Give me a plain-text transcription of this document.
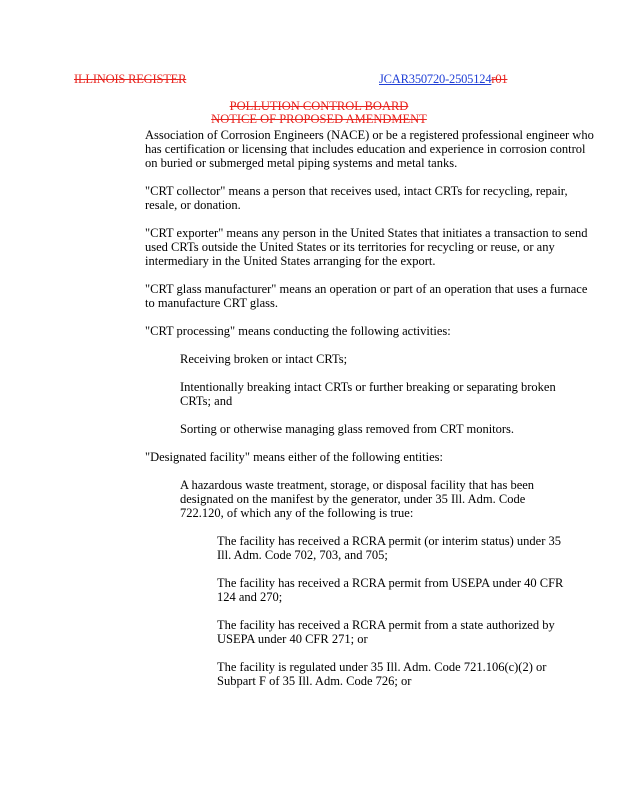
ILLINOIS REGISTER	JCAR350720-2505124r01
POLLUTION CONTROL BOARD
NOTICE OF PROPOSED AMENDMENT

Association of Corrosion Engineers (NACE) or be a registered professional engineer who has certification or licensing that includes education and experience in corrosion control on buried or submerged metal piping systems and metal tanks.

"CRT collector" means a person that receives used, intact CRTs for recycling, repair, resale, or donation.

"CRT exporter" means any person in the United States that initiates a transaction to send used CRTs outside the United States or its territories for recycling or reuse, or any intermediary in the United States arranging for the export.

"CRT glass manufacturer" means an operation or part of an operation that uses a furnace to manufacture CRT glass.

"CRT processing" means conducting the following activities:

Receiving broken or intact CRTs;

Intentionally breaking intact CRTs or further breaking or separating broken CRTs; and

Sorting or otherwise managing glass removed from CRT monitors.

"Designated facility" means either of the following entities:

A hazardous waste treatment, storage, or disposal facility that has been designated on the manifest by the generator, under 35 Ill. Adm. Code 722.120, of which any of the following is true:

The facility has received a RCRA permit (or interim status) under 35 Ill. Adm. Code 702, 703, and 705;

The facility has received a RCRA permit from USEPA under 40 CFR 124 and 270;

The facility has received a RCRA permit from a state authorized by USEPA under 40 CFR 271; or

The facility is regulated under 35 Ill. Adm. Code 721.106(c)(2) or Subpart F of 35 Ill. Adm. Code 726; or
